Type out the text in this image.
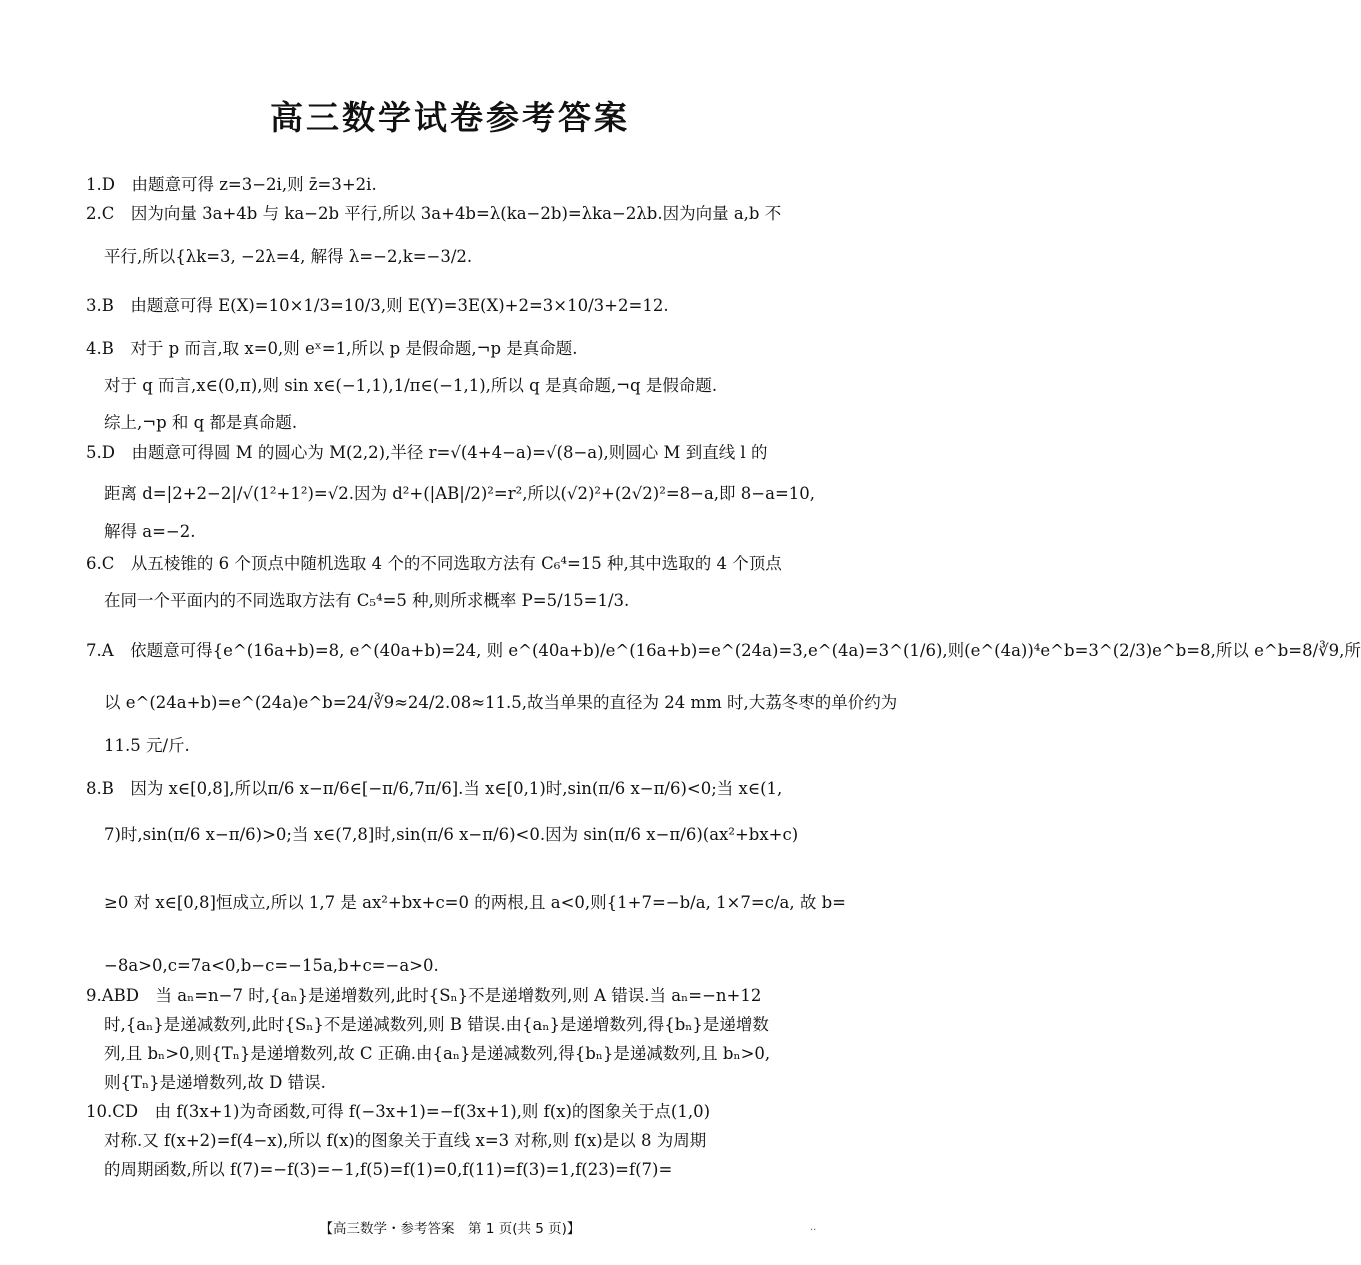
高三数学试卷参考答案
1.D　由题意可得 z=3−2i,则 z̄=3+2i.
2.C　因为向量 3a+4b 与 ka−2b 平行,所以 3a+4b=λ(ka−2b)=λka−2λb.因为向量 a,b 不
平行,所以{λk=3, −2λ=4, 解得 λ=−2,k=−3/2.
3.B　由题意可得 E(X)=10×1/3=10/3,则 E(Y)=3E(X)+2=3×10/3+2=12.
4.B　对于 p 而言,取 x=0,则 eˣ=1,所以 p 是假命题,¬p 是真命题.
对于 q 而言,x∈(0,π),则 sin x∈(−1,1),1/π∈(−1,1),所以 q 是真命题,¬q 是假命题.
综上,¬p 和 q 都是真命题.
5.D　由题意可得圆 M 的圆心为 M(2,2),半径 r=√(4+4−a)=√(8−a),则圆心 M 到直线 l 的
距离 d=|2+2−2|/√(1²+1²)=√2.因为 d²+(|AB|/2)²=r²,所以(√2)²+(2√2)²=8−a,即 8−a=10,
解得 a=−2.
6.C　从五棱锥的 6 个顶点中随机选取 4 个的不同选取方法有 C₆⁴=15 种,其中选取的 4 个顶点
在同一个平面内的不同选取方法有 C₅⁴=5 种,则所求概率 P=5/15=1/3.
7.A　依题意可得{e^(16a+b)=8, e^(40a+b)=24, 则 e^(40a+b)/e^(16a+b)=e^(24a)=3,e^(4a)=3^(1/6),则(e^(4a))⁴e^b=3^(2/3)e^b=8,所以 e^b=8/∛9,所
以 e^(24a+b)=e^(24a)e^b=24/∛9≈24/2.08≈11.5,故当单果的直径为 24 mm 时,大荔冬枣的单价约为
11.5 元/斤.
8.B　因为 x∈[0,8],所以π/6 x−π/6∈[−π/6,7π/6].当 x∈[0,1)时,sin(π/6 x−π/6)<0;当 x∈(1,
7)时,sin(π/6 x−π/6)>0;当 x∈(7,8]时,sin(π/6 x−π/6)<0.因为 sin(π/6 x−π/6)(ax²+bx+c)
≥0 对 x∈[0,8]恒成立,所以 1,7 是 ax²+bx+c=0 的两根,且 a<0,则{1+7=−b/a, 1×7=c/a, 故 b=
−8a>0,c=7a<0,b−c=−15a,b+c=−a>0.
9.ABD　当 aₙ=n−7 时,{aₙ}是递增数列,此时{Sₙ}不是递增数列,则 A 错误.当 aₙ=−n+12
时,{aₙ}是递减数列,此时{Sₙ}不是递减数列,则 B 错误.由{aₙ}是递增数列,得{bₙ}是递增数
列,且 bₙ>0,则{Tₙ}是递增数列,故 C 正确.由{aₙ}是递减数列,得{bₙ}是递减数列,且 bₙ>0,
则{Tₙ}是递增数列,故 D 错误.
10.CD　由 f(3x+1)为奇函数,可得 f(−3x+1)=−f(3x+1),则 f(x)的图象关于点(1,0)
对称.又 f(x+2)=f(4−x),所以 f(x)的图象关于直线 x=3 对称,则 f(x)是以 8 为周期
的周期函数,所以 f(7)=−f(3)=−1,f(5)=f(1)=0,f(11)=f(3)=1,f(23)=f(7)=
【高三数学・参考答案　第 1 页(共 5 页)】	..
